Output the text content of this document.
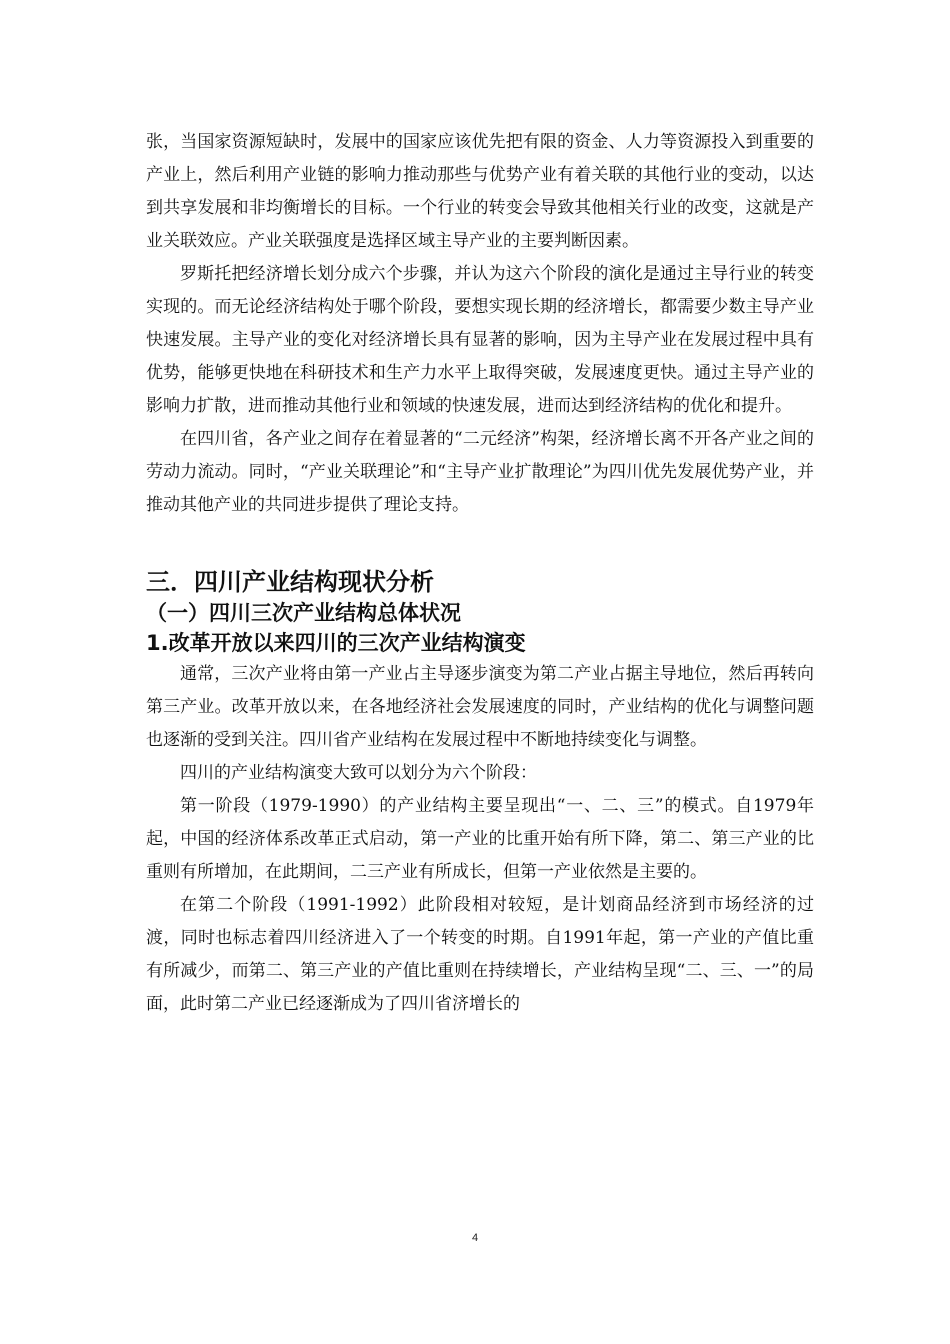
张，当国家资源短缺时，发展中的国家应该优先把有限的资金、人力等资源投入到重要的产业上，然后利用产业链的影响力推动那些与优势产业有着关联的其他行业的变动，以达到共享发展和非均衡增长的目标。一个行业的转变会导致其他相关行业的改变，这就是产业关联效应。产业关联强度是选择区域主导产业的主要判断因素。

罗斯托把经济增长划分成六个步骤，并认为这六个阶段的演化是通过主导行业的转变实现的。而无论经济结构处于哪个阶段，要想实现长期的经济增长，都需要少数主导产业快速发展。主导产业的变化对经济增长具有显著的影响，因为主导产业在发展过程中具有优势，能够更快地在科研技术和生产力水平上取得突破，发展速度更快。通过主导产业的影响力扩散，进而推动其他行业和领域的快速发展，进而达到经济结构的优化和提升。

在四川省，各产业之间存在着显著的“二元经济”构架，经济增长离不开各产业之间的劳动力流动。同时，“产业关联理论”和“主导产业扩散理论”为四川优先发展优势产业，并推动其他产业的共同进步提供了理论支持。

三．四川产业结构现状分析
（一）四川三次产业结构总体状况
1.改革开放以来四川的三次产业结构演变

通常，三次产业将由第一产业占主导逐步演变为第二产业占据主导地位，然后再转向第三产业。改革开放以来，在各地经济社会发展速度的同时，产业结构的优化与调整问题也逐渐的受到关注。四川省产业结构在发展过程中不断地持续变化与调整。

四川的产业结构演变大致可以划分为六个阶段：

第一阶段（1979-1990）的产业结构主要呈现出“一、二、三”的模式。自1979年起，中国的经济体系改革正式启动，第一产业的比重开始有所下降，第二、第三产业的比重则有所增加，在此期间，二三产业有所成长，但第一产业依然是主要的。

在第二个阶段（1991-1992）此阶段相对较短，是计划商品经济到市场经济的过渡，同时也标志着四川经济进入了一个转变的时期。自1991年起，第一产业的产值比重有所减少，而第二、第三产业的产值比重则在持续增长，产业结构呈现“二、三、一”的局面，此时第二产业已经逐渐成为了四川省济增长的

4
